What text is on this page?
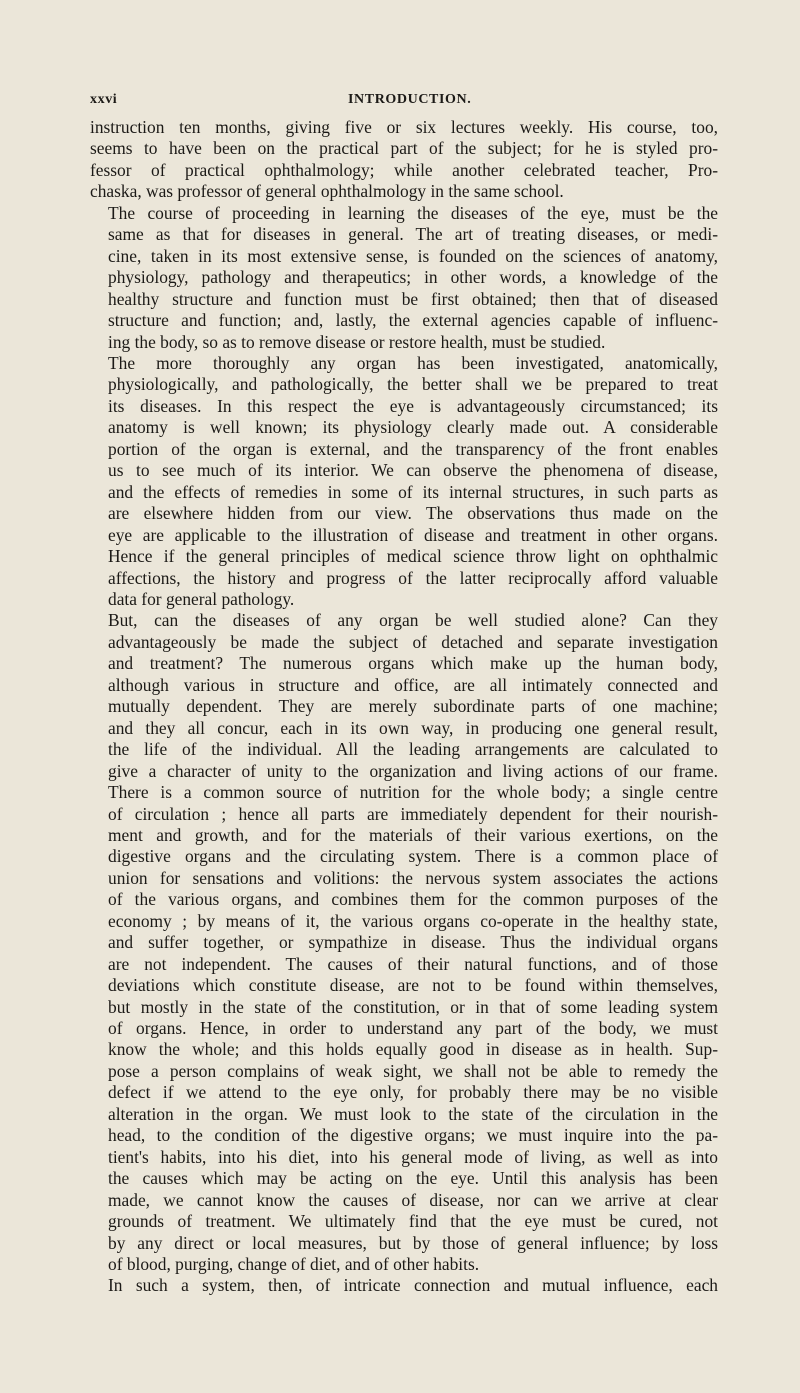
xxvi	INTRODUCTION.
instruction ten months, giving five or six lectures weekly. His course, too,
seems to have been on the practical part of the subject; for he is styled pro-
fessor of practical ophthalmology; while another celebrated teacher, Pro-
chaska, was professor of general ophthalmology in the same school.
The course of proceeding in learning the diseases of the eye, must be the
same as that for diseases in general. The art of treating diseases, or medi-
cine, taken in its most extensive sense, is founded on the sciences of anatomy,
physiology, pathology and therapeutics; in other words, a knowledge of the
healthy structure and function must be first obtained; then that of diseased
structure and function; and, lastly, the external agencies capable of influenc-
ing the body, so as to remove disease or restore health, must be studied.
The more thoroughly any organ has been investigated, anatomically,
physiologically, and pathologically, the better shall we be prepared to treat
its diseases. In this respect the eye is advantageously circumstanced; its
anatomy is well known; its physiology clearly made out. A considerable
portion of the organ is external, and the transparency of the front enables
us to see much of its interior. We can observe the phenomena of disease,
and the effects of remedies in some of its internal structures, in such parts as
are elsewhere hidden from our view. The observations thus made on the
eye are applicable to the illustration of disease and treatment in other organs.
Hence if the general principles of medical science throw light on ophthalmic
affections, the history and progress of the latter reciprocally afford valuable
data for general pathology.
But, can the diseases of any organ be well studied alone? Can they
advantageously be made the subject of detached and separate investigation
and treatment? The numerous organs which make up the human body,
although various in structure and office, are all intimately connected and
mutually dependent. They are merely subordinate parts of one machine;
and they all concur, each in its own way, in producing one general result,
the life of the individual. All the leading arrangements are calculated to
give a character of unity to the organization and living actions of our frame.
There is a common source of nutrition for the whole body; a single centre
of circulation ; hence all parts are immediately dependent for their nourish-
ment and growth, and for the materials of their various exertions, on the
digestive organs and the circulating system. There is a common place of
union for sensations and volitions: the nervous system associates the actions
of the various organs, and combines them for the common purposes of the
economy ; by means of it, the various organs co-operate in the healthy state,
and suffer together, or sympathize in disease. Thus the individual organs
are not independent. The causes of their natural functions, and of those
deviations which constitute disease, are not to be found within themselves,
but mostly in the state of the constitution, or in that of some leading system
of organs. Hence, in order to understand any part of the body, we must
know the whole; and this holds equally good in disease as in health. Sup-
pose a person complains of weak sight, we shall not be able to remedy the
defect if we attend to the eye only, for probably there may be no visible
alteration in the organ. We must look to the state of the circulation in the
head, to the condition of the digestive organs; we must inquire into the pa-
tient's habits, into his diet, into his general mode of living, as well as into
the causes which may be acting on the eye. Until this analysis has been
made, we cannot know the causes of disease, nor can we arrive at clear
grounds of treatment. We ultimately find that the eye must be cured, not
by any direct or local measures, but by those of general influence; by loss
of blood, purging, change of diet, and of other habits.
In such a system, then, of intricate connection and mutual influence, each
